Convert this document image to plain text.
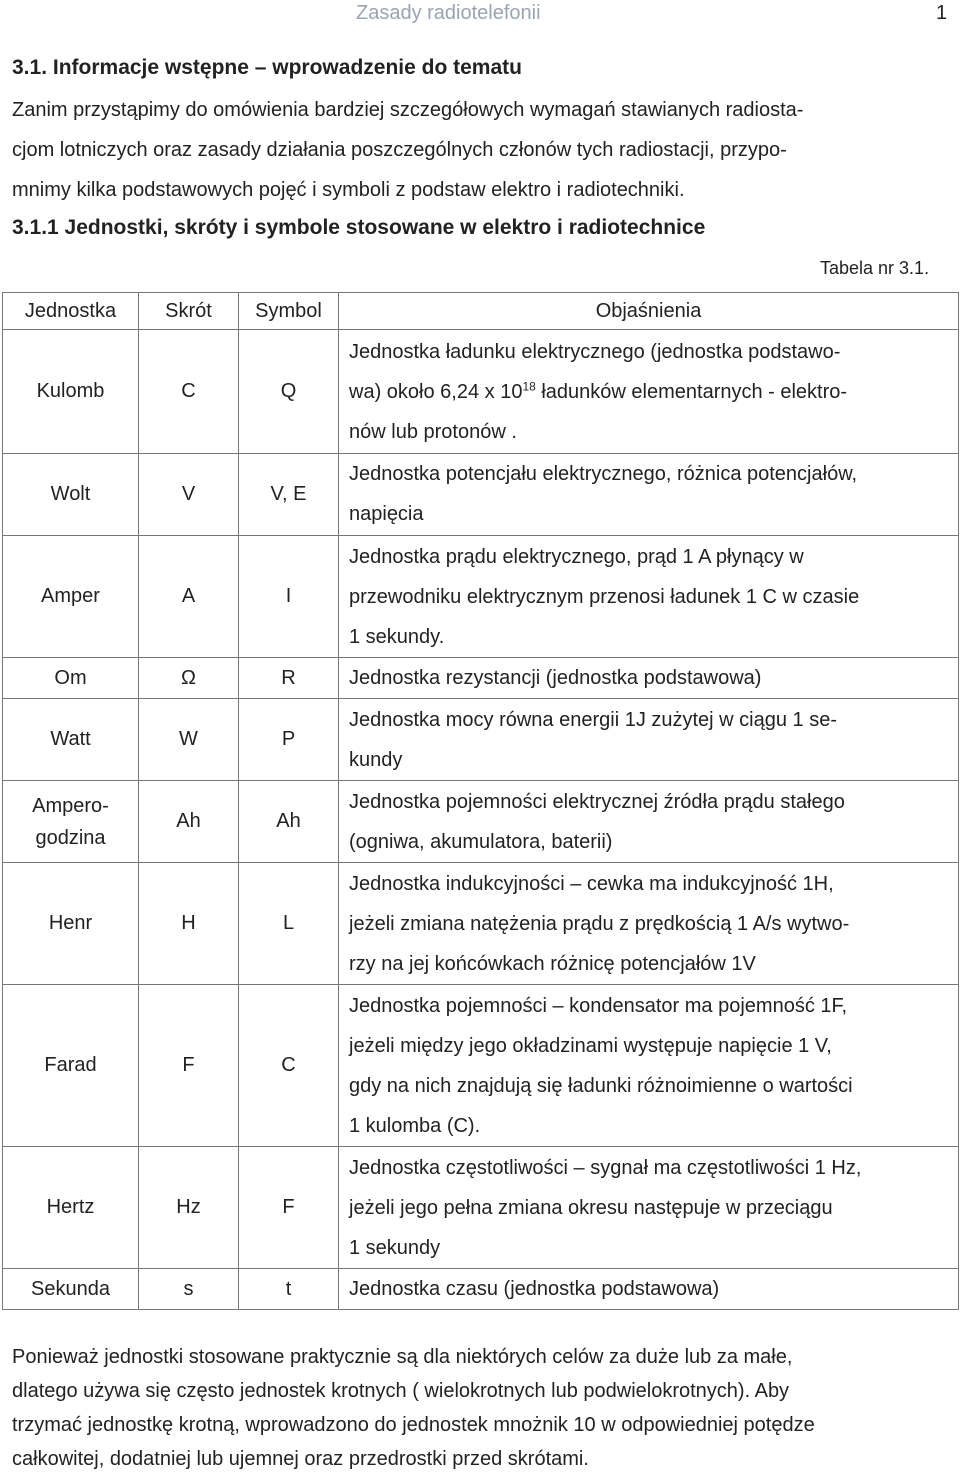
Zasady radiotelefonii	1
3.1. Informacje wstępne – wprowadzenie do tematu

Zanim przystąpimy do omówienia bardziej szczegółowych wymagań stawianych radiosta-
cjom lotniczych oraz zasady działania poszczególnych członów tych radiostacji, przypo-
mnimy kilka podstawowych pojęć i symboli z podstaw elektro i radiotechniki.

3.1.1 Jednostki, skróty i symbole stosowane w elektro i radiotechnice
Tabela nr 3.1.
Jednostka	Skrót	Symbol	Objaśnienia

Kulomb	C	Q	Jednostka ładunku elektrycznego (jednostka podstawo-
wa) około 6,24 x $10^{18}$ ładunków elementarnych - elektro-
nów lub protonów .

Wolt	V	V, E	Jednostka potencjału elektrycznego, różnica potencjałów,
napięcia

Amper	A	I	Jednostka prądu elektrycznego, prąd 1 A płynący w
przewodniku elektrycznym przenosi ładunek 1 C w czasie
1 sekundy.

Om	Ω	R	Jednostka rezystancji (jednostka podstawowa)

Watt	W	P	Jednostka mocy równa energii 1J zużytej w ciągu 1 se-
kundy

Ampero-
godzina	Ah	Ah	Jednostka pojemności elektrycznej źródła prądu stałego
(ogniwa, akumulatora, baterii)

Henr	H	L	Jednostka indukcyjności – cewka ma indukcyjność 1H,
jeżeli zmiana natężenia prądu z prędkością 1 A/s wytwo-
rzy na jej końcówkach różnicę potencjałów 1V

Farad	F	C	Jednostka pojemności – kondensator ma pojemność 1F,
jeżeli między jego okładzinami występuje napięcie 1 V,
gdy na nich znajdują się ładunki różnoimienne o wartości
1 kulomba (C).

Hertz	Hz	F	Jednostka częstotliwości – sygnał ma częstotliwości 1 Hz,
jeżeli jego pełna zmiana okresu następuje w przeciągu
1 sekundy

Sekunda	s	t	Jednostka czasu (jednostka podstawowa)

Ponieważ jednostki stosowane praktycznie są dla niektórych celów za duże lub za małe,
dlatego używa się często jednostek krotnych ( wielokrotnych lub podwielokrotnych). Aby
trzymać jednostkę krotną, wprowadzono do jednostek mnożnik 10 w odpowiedniej potędze
całkowitej, dodatniej lub ujemnej oraz przedrostki przed skrótami.
